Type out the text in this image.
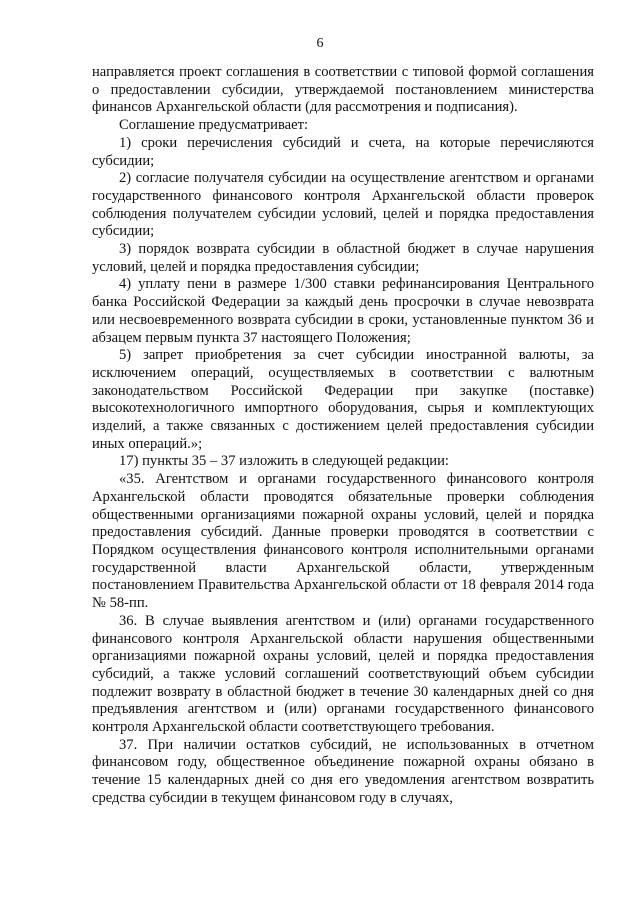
6

направляется проект соглашения в соответствии с типовой формой соглашения о предоставлении субсидии, утверждаемой постановлением министерства финансов Архангельской области (для рассмотрения и подписания).

Соглашение предусматривает:

1) сроки перечисления субсидий и счета, на которые перечисляются субсидии;

2) согласие получателя субсидии на осуществление агентством и органами государственного финансового контроля Архангельской области проверок соблюдения получателем субсидии условий, целей и порядка предоставления субсидии;

3) порядок возврата субсидии в областной бюджет в случае нарушения условий, целей и порядка предоставления субсидии;

4) уплату пени в размере 1/300 ставки рефинансирования Центрального банка Российской Федерации за каждый день просрочки в случае невозврата или несвоевременного возврата субсидии в сроки, установленные пунктом 36 и абзацем первым пункта 37 настоящего Положения;

5) запрет приобретения за счет субсидии иностранной валюты, за исключением операций, осуществляемых в соответствии с валютным законодательством Российской Федерации при закупке (поставке) высокотехнологичного импортного оборудования, сырья и комплектующих изделий, а также связанных с достижением целей предоставления субсидии иных операций.»;

17) пункты 35 – 37 изложить в следующей редакции:

«35. Агентством и органами государственного финансового контроля Архангельской области проводятся обязательные проверки соблюдения общественными организациями пожарной охраны условий, целей и порядка предоставления субсидий. Данные проверки проводятся в соответствии с Порядком осуществления финансового контроля исполнительными органами государственной власти Архангельской области, утвержденным постановлением Правительства Архангельской области от 18 февраля 2014 года № 58-пп.

36. В случае выявления агентством и (или) органами государственного финансового контроля Архангельской области нарушения общественными организациями пожарной охраны условий, целей и порядка предоставления субсидий, а также условий соглашений соответствующий объем субсидии подлежит возврату в областной бюджет в течение 30 календарных дней со дня предъявления агентством и (или) органами государственного финансового контроля Архангельской области соответствующего требования.

37. При наличии остатков субсидий, не использованных в отчетном финансовом году, общественное объединение пожарной охраны обязано в течение 15 календарных дней со дня его уведомления агентством возвратить средства субсидии в текущем финансовом году в случаях,
